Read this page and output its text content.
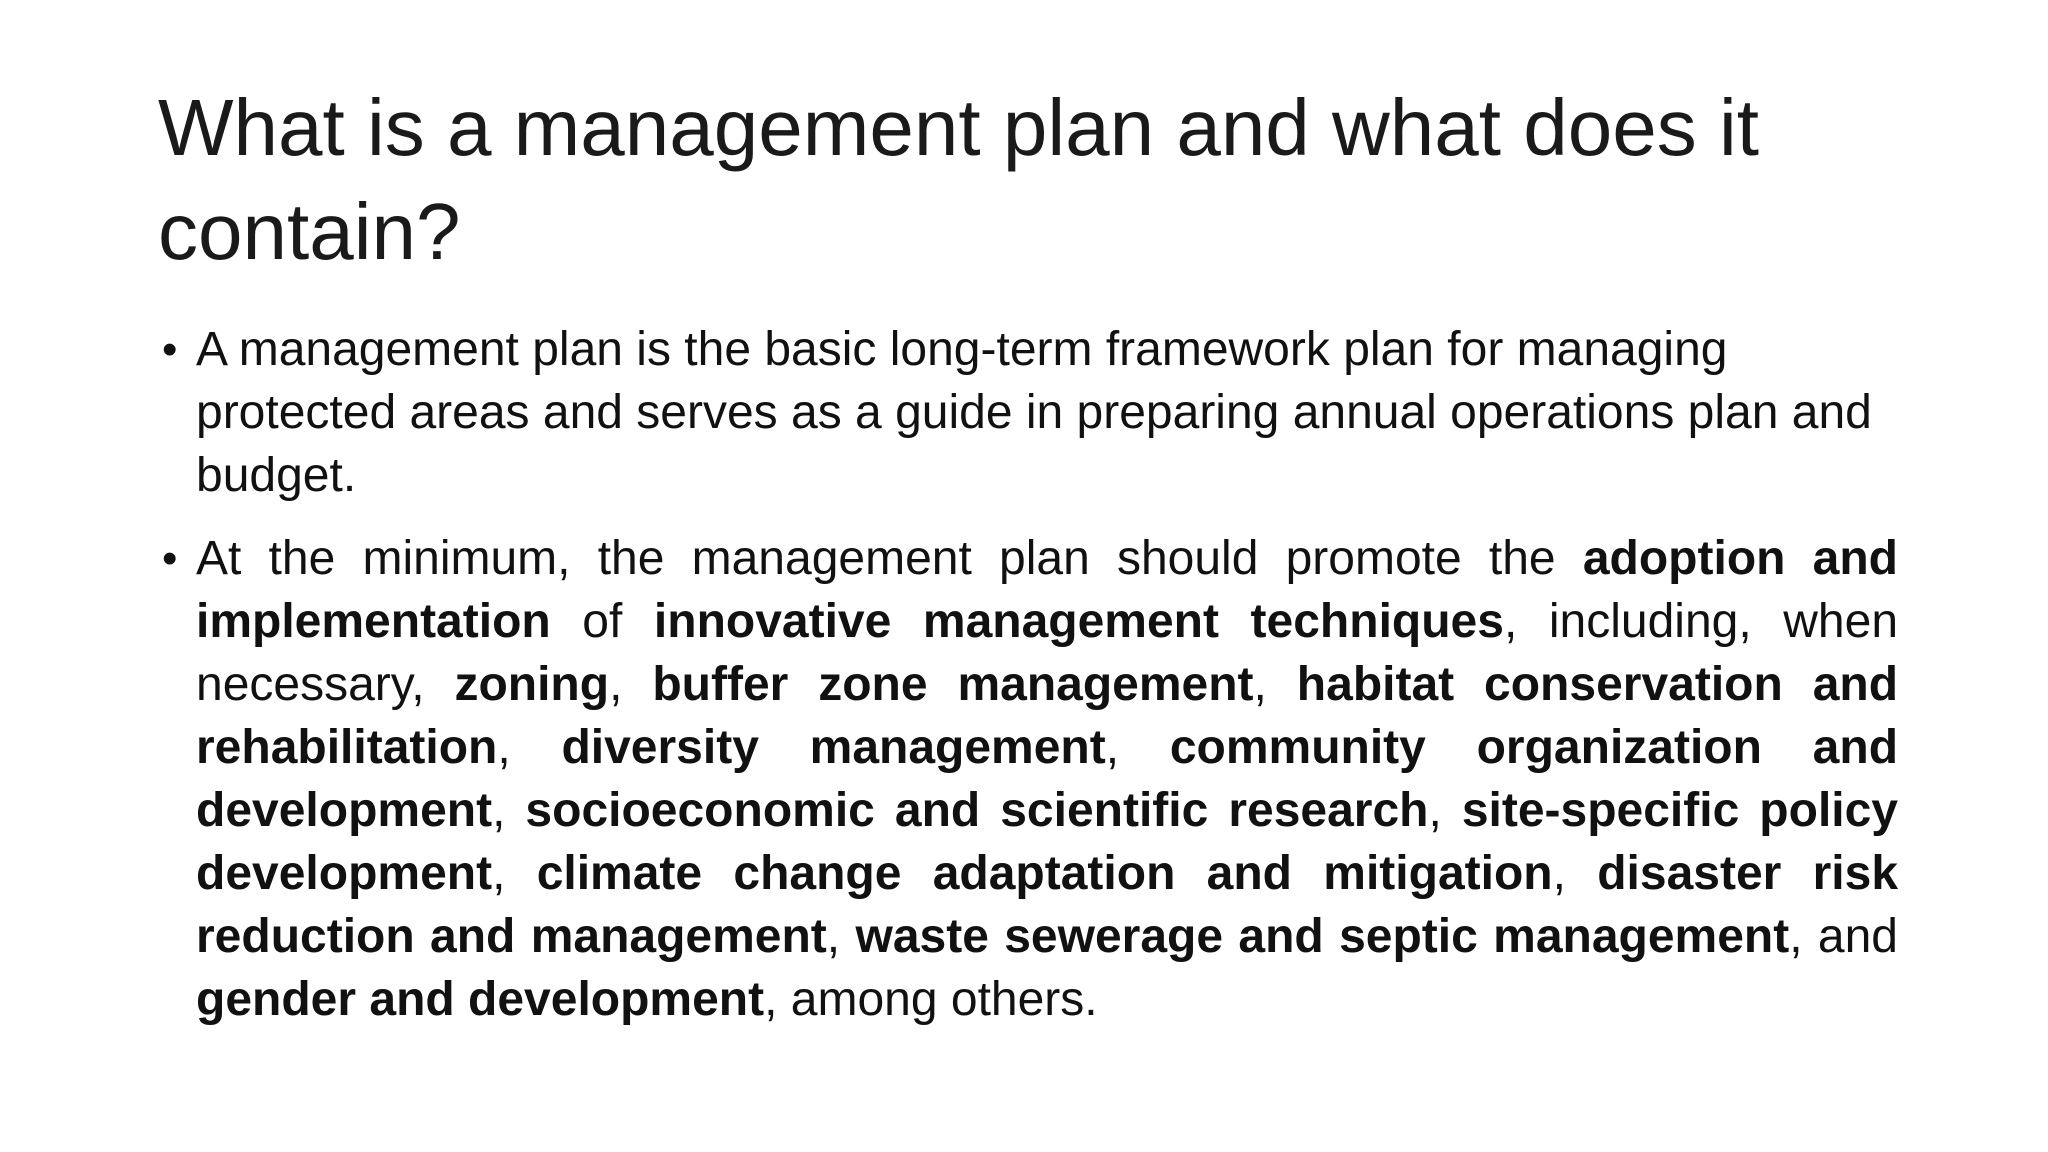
What is a management plan and what does it contain?
• A management plan is the basic long-term framework plan for managing protected areas and serves as a guide in preparing annual operations plan and budget.
• At the minimum, the management plan should promote the adoption and implementation of innovative management techniques, including, when necessary, zoning, buffer zone management, habitat conservation and rehabilitation, diversity management, community organization and development, socioeconomic and scientific research, site-specific policy development, climate change adaptation and mitigation, disaster risk reduction and management, waste sewerage and septic management, and gender and development, among others.
